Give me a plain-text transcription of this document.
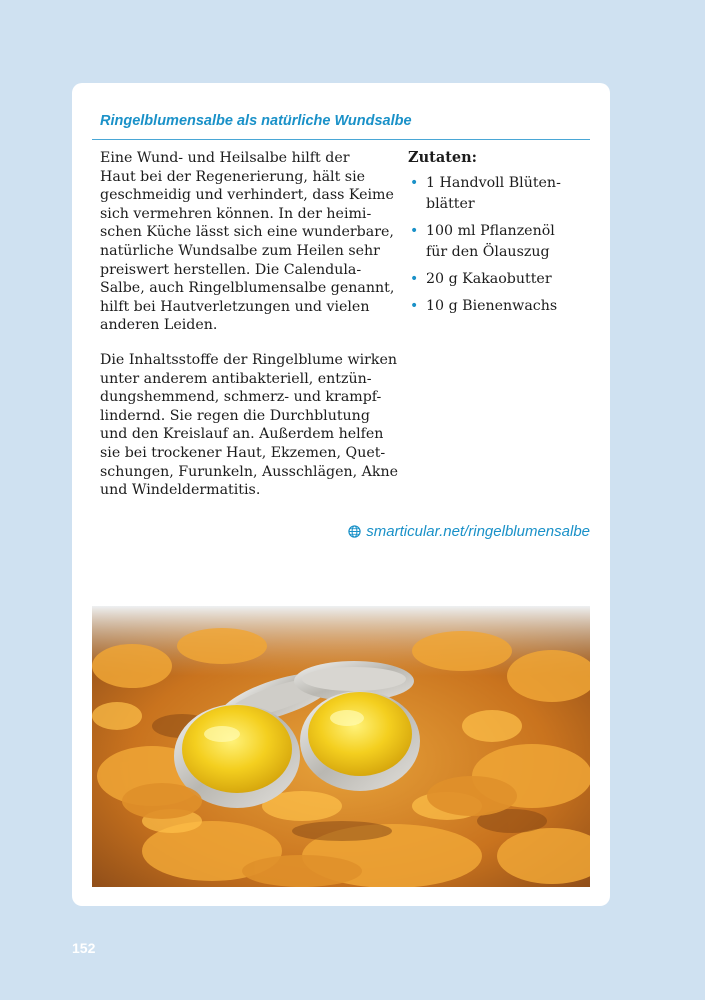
Ringelblumensalbe als natürliche Wundsalbe

Eine Wund- und Heilsalbe hilft der
Haut bei der Regenerierung, hält sie
geschmeidig und verhindert, dass Keime
sich vermehren können. In der heimi-
schen Küche lässt sich eine wunderbare,
natürliche Wundsalbe zum Heilen sehr
preiswert herstellen. Die Calendula-
Salbe, auch Ringelblumensalbe genannt,
hilft bei Hautverletzungen und vielen
anderen Leiden.

Die Inhaltsstoffe der Ringelblume wirken
unter anderem antibakteriell, entzün-
dungshemmend, schmerz- und krampf-
lindernd. Sie regen die Durchblutung
und den Kreislauf an. Außerdem helfen
sie bei trockener Haut, Ekzemen, Quet-
schungen, Furunkeln, Ausschlägen, Akne
und Windeldermatitis.

Zutaten:
• 1 Handvoll Blüten-
blätter
• 100 ml Pflanzenöl
für den Ölauszug
• 20 g Kakaobutter
• 10 g Bienenwachs
smarticular.net/ringelblumensalbe
152
